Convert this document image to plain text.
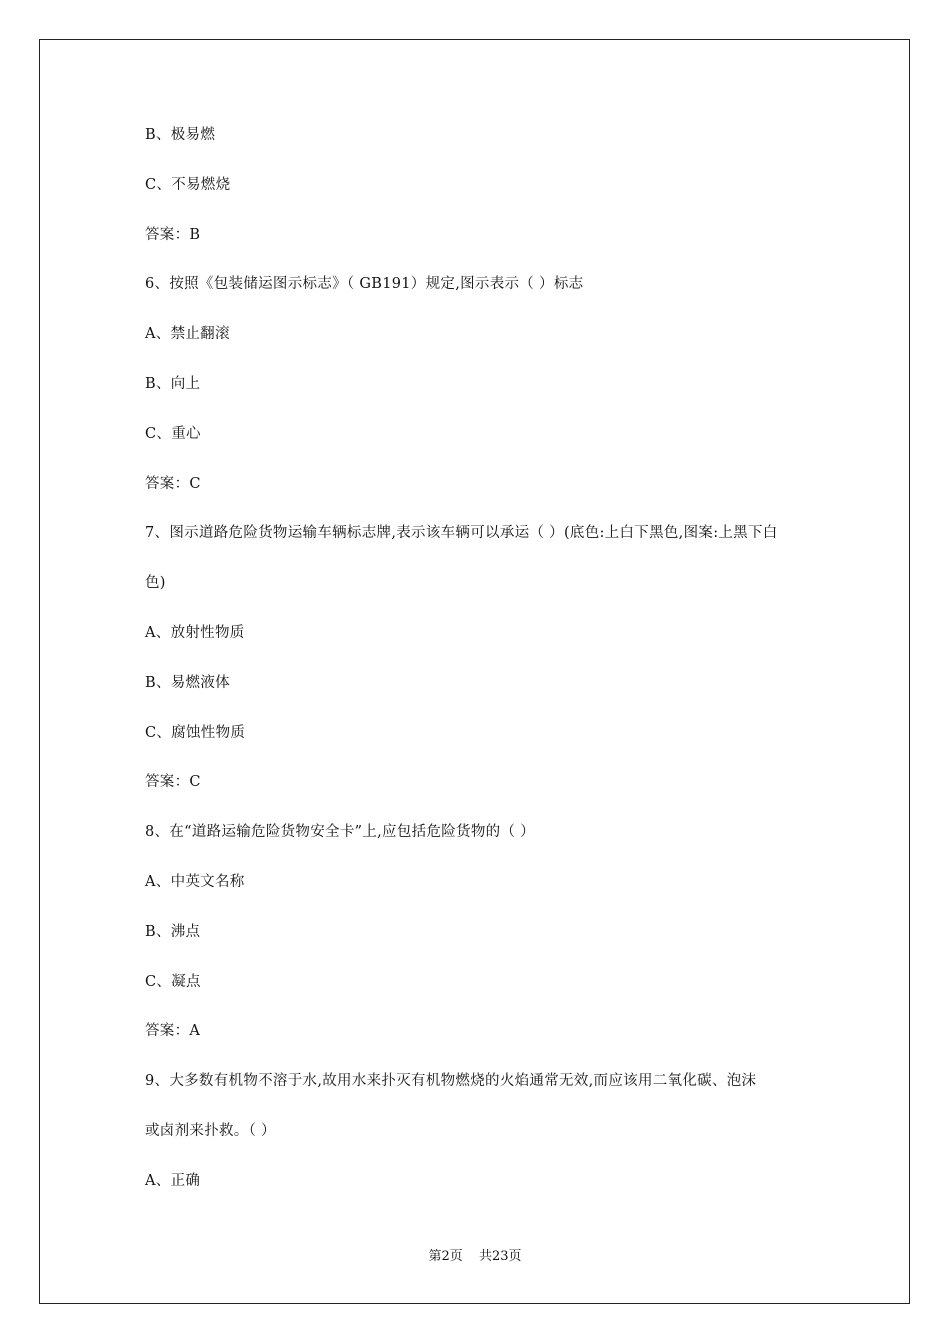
B、极易燃
C、不易燃烧
答案：B
6、按照《包装储运图示标志》（ GB191）规定,图示表示（ ）标志
A、禁止翻滚
B、向上
C、重心
答案：C
7、图示道路危险货物运输车辆标志牌,表示该车辆可以承运（ ）(底色:上白下黑色,图案:上黑下白
色)
A、放射性物质
B、易燃液体
C、腐蚀性物质
答案：C
8、在“道路运输危险货物安全卡”上,应包括危险货物的（ ）
A、中英文名称
B、沸点
C、凝点
答案：A
9、大多数有机物不溶于水,故用水来扑灭有机物燃烧的火焰通常无效,而应该用二氧化碳、泡沫
或卤剂来扑救。（ ）
A、正确
第2页 共23页
